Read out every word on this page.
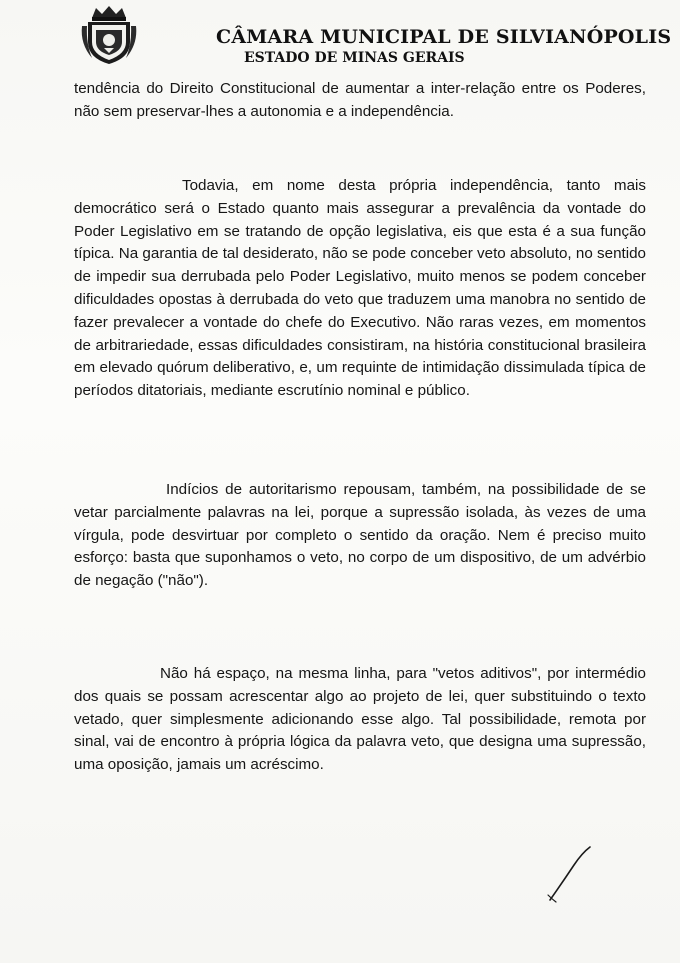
CÂMARA MUNICIPAL DE SILVIANÓPOLIS
ESTADO DE MINAS GERAIS

tendência do Direito Constitucional de aumentar a inter-relação entre os Poderes, não sem preservar-lhes a autonomia e a independência.

Todavia, em nome desta própria independência, tanto mais democrático será o Estado quanto mais assegurar a prevalência da vontade do Poder Legislativo em se tratando de opção legislativa, eis que esta é a sua função típica. Na garantia de tal desiderato, não se pode conceber veto absoluto, no sentido de impedir sua derrubada pelo Poder Legislativo, muito menos se podem conceber dificuldades opostas à derrubada do veto que traduzem uma manobra no sentido de fazer prevalecer a vontade do chefe do Executivo. Não raras vezes, em momentos de arbitrariedade, essas dificuldades consistiram, na história constitucional brasileira em elevado quórum deliberativo, e, um requinte de intimidação dissimulada típica de períodos ditatoriais, mediante escrutínio nominal e público.

Indícios de autoritarismo repousam, também, na possibilidade de se vetar parcialmente palavras na lei, porque a supressão isolada, às vezes de uma vírgula, pode desvirtuar por completo o sentido da oração. Nem é preciso muito esforço: basta que suponhamos o veto, no corpo de um dispositivo, de um advérbio de negação ("não").

Não há espaço, na mesma linha, para "vetos aditivos", por intermédio dos quais se possam acrescentar algo ao projeto de lei, quer substituindo o texto vetado, quer simplesmente adicionando esse algo. Tal possibilidade, remota por sinal, vai de encontro à própria lógica da palavra veto, que designa uma supressão, uma oposição, jamais um acréscimo.
